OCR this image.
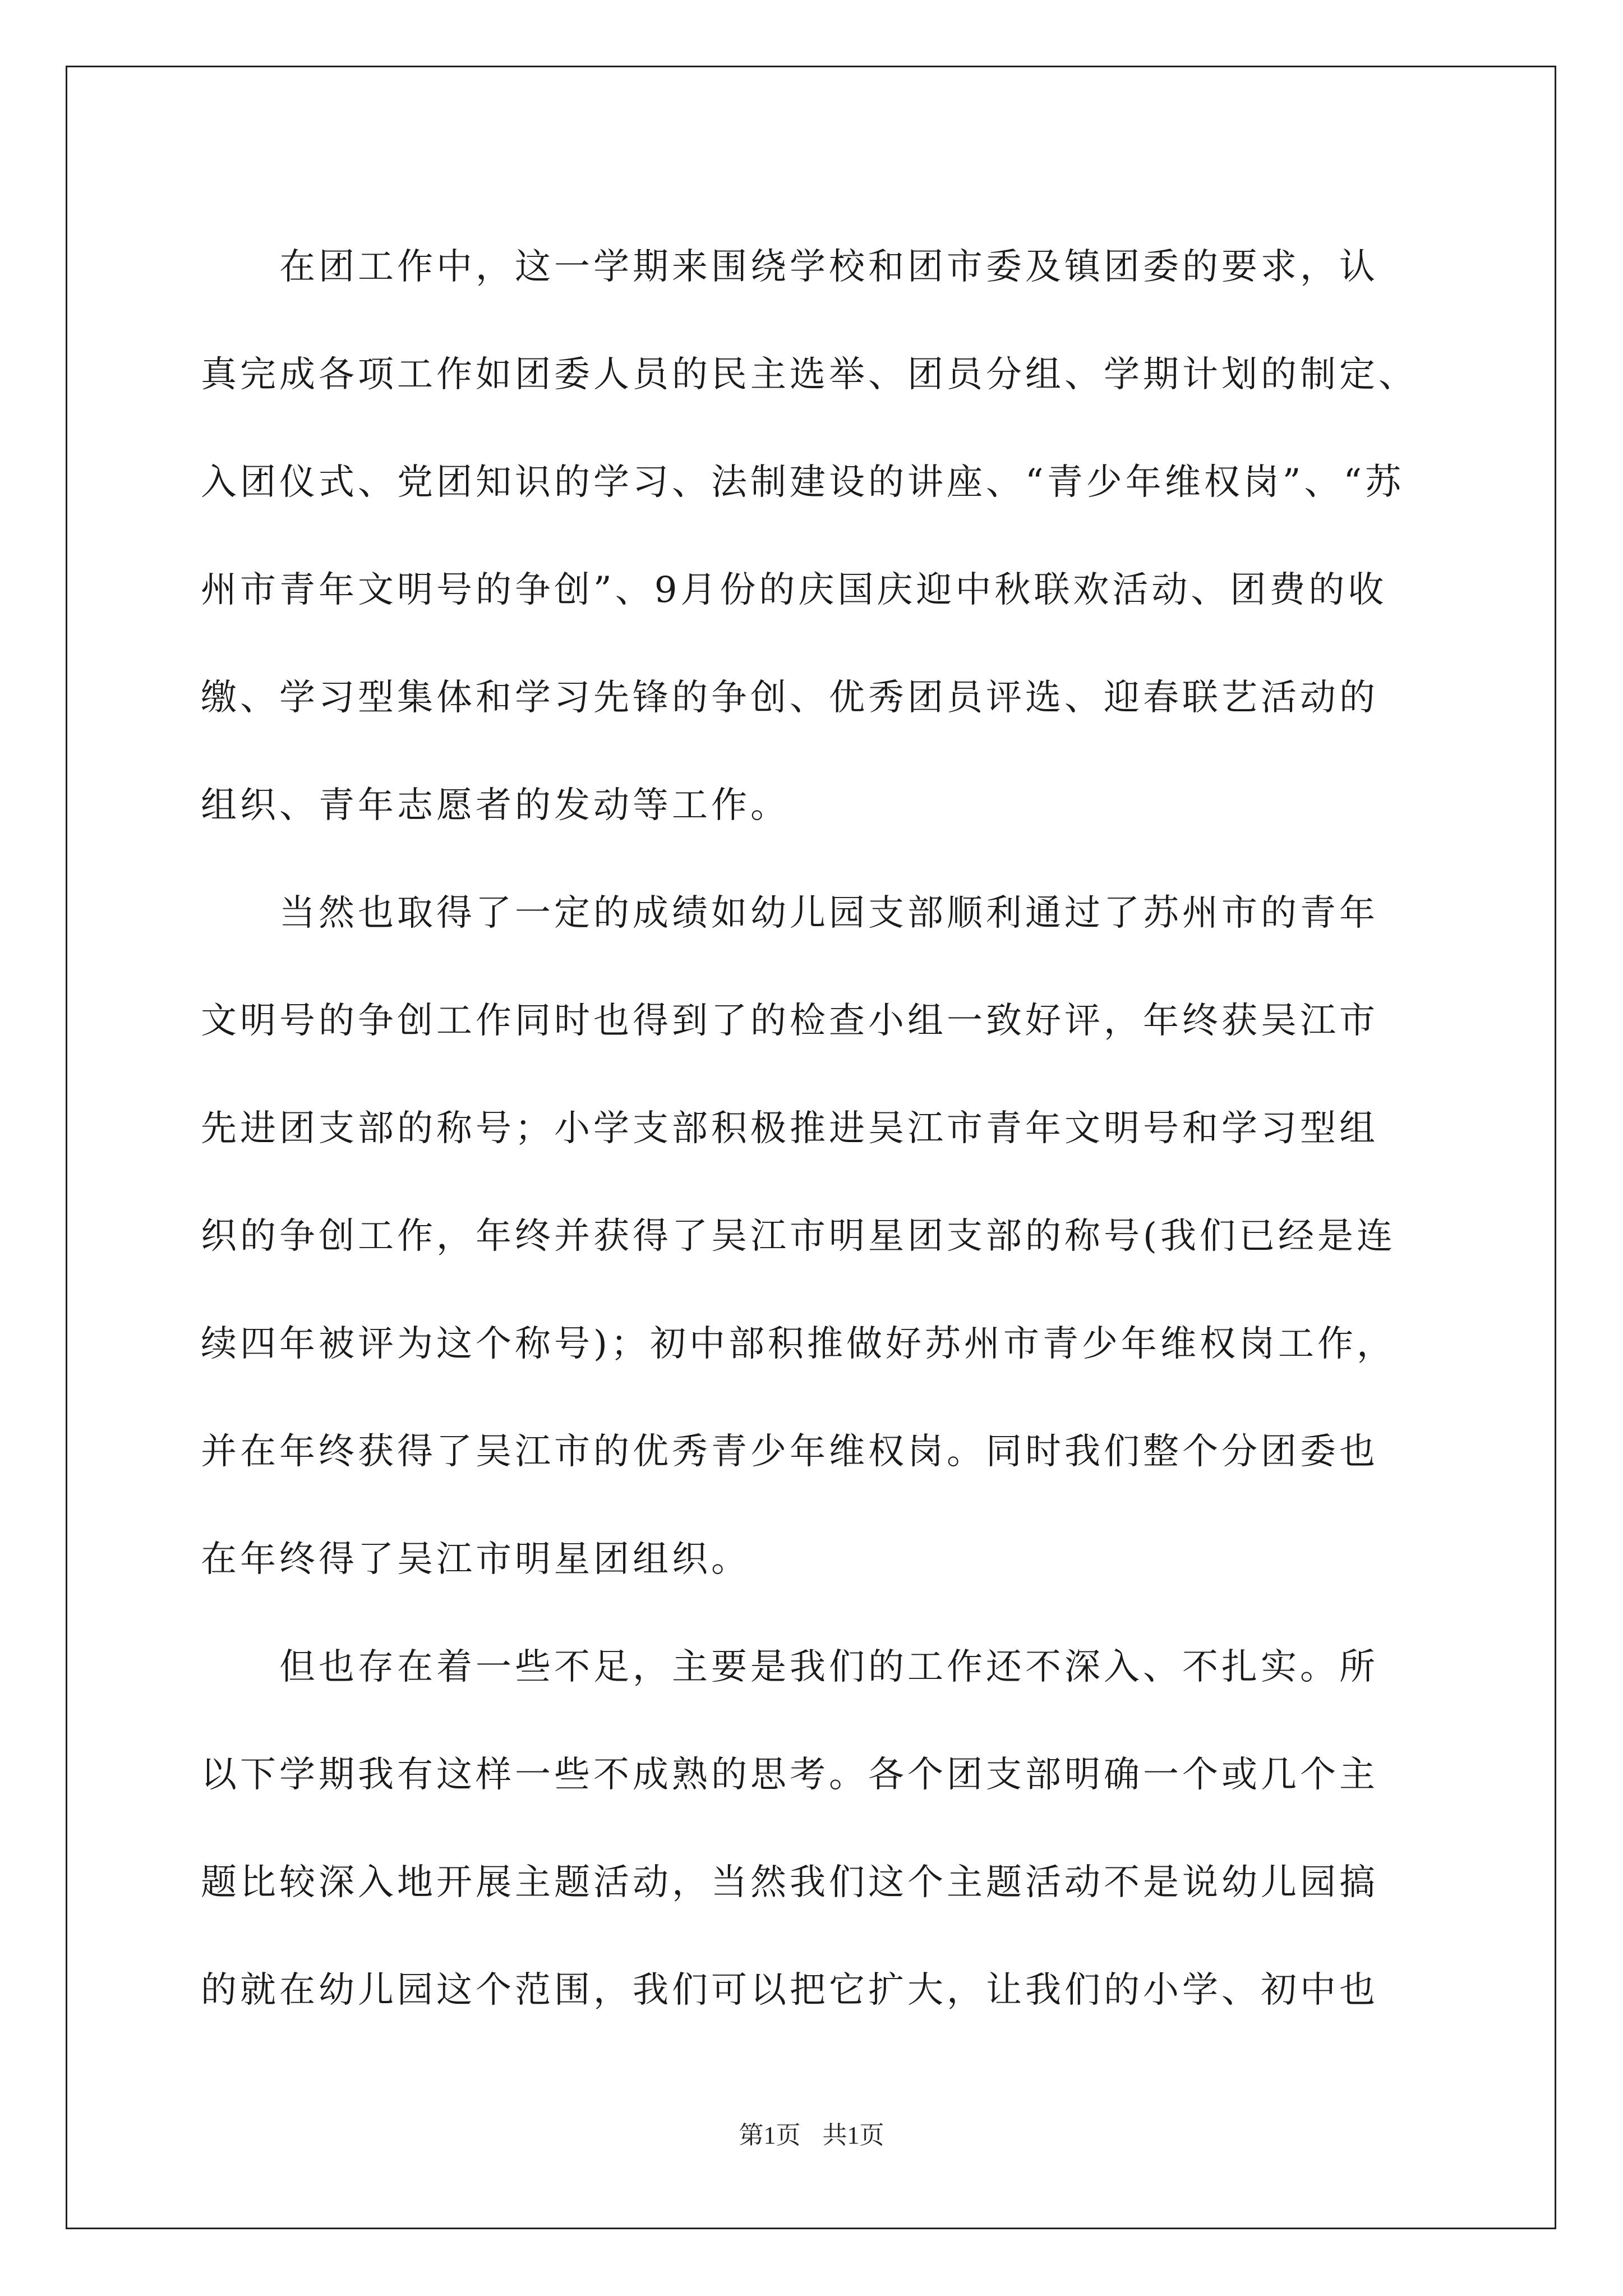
在团工作中，这一学期来围绕学校和团市委及镇团委的要求，认
真完成各项工作如团委人员的民主选举、团员分组、学期计划的制定、
入团仪式、党团知识的学习、法制建设的讲座、“青少年维权岗”、“苏
州市青年文明号的争创”、9月份的庆国庆迎中秋联欢活动、团费的收
缴、学习型集体和学习先锋的争创、优秀团员评选、迎春联艺活动的
组织、青年志愿者的发动等工作。

当然也取得了一定的成绩如幼儿园支部顺利通过了苏州市的青年
文明号的争创工作同时也得到了的检查小组一致好评，年终获吴江市
先进团支部的称号；小学支部积极推进吴江市青年文明号和学习型组
织的争创工作，年终并获得了吴江市明星团支部的称号(我们已经是连
续四年被评为这个称号)；初中部积推做好苏州市青少年维权岗工作，
并在年终获得了吴江市的优秀青少年维权岗。同时我们整个分团委也
在年终得了吴江市明星团组织。

但也存在着一些不足，主要是我们的工作还不深入、不扎实。所
以下学期我有这样一些不成熟的思考。各个团支部明确一个或几个主
题比较深入地开展主题活动，当然我们这个主题活动不是说幼儿园搞
的就在幼儿园这个范围，我们可以把它扩大，让我们的小学、初中也

第1页 共1页
